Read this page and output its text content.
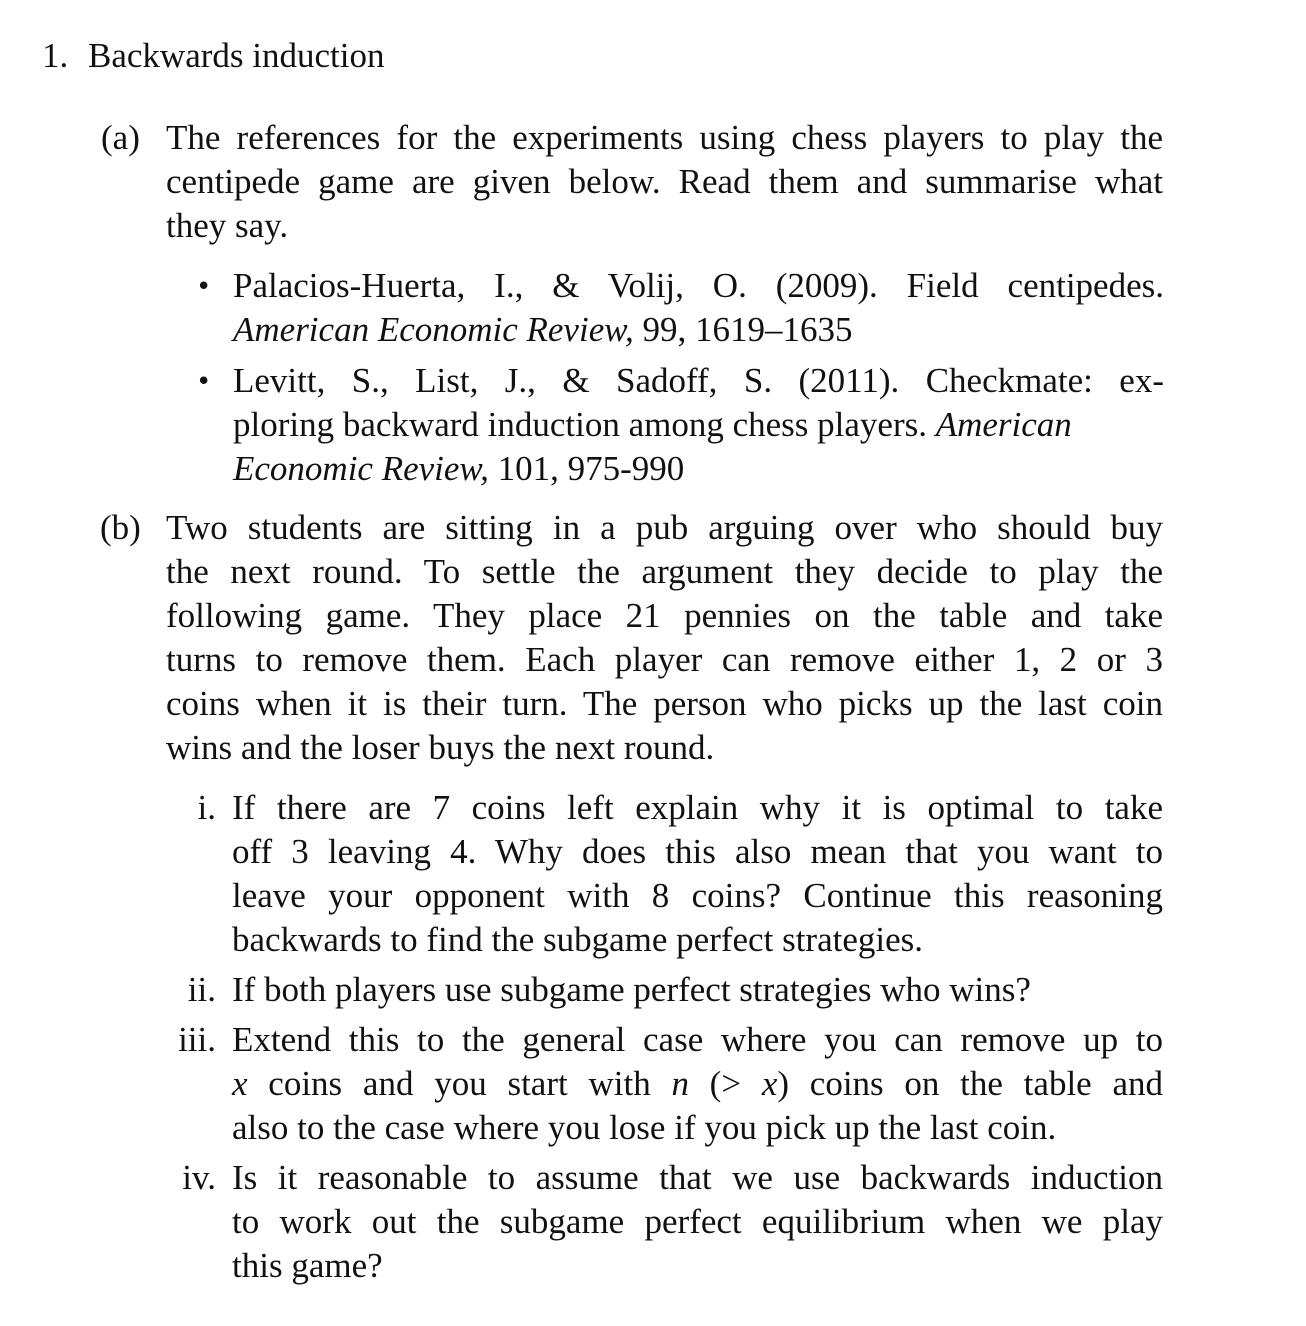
1. Backwards induction
(a) The references for the experiments using chess players to play the
centipede game are given below. Read them and summarise what
they say.
• Palacios-Huerta, I., & Volij, O. (2009). Field centipedes.
American Economic Review, 99, 1619–1635
• Levitt, S., List, J., & Sadoff, S. (2011). Checkmate: ex-
ploring backward induction among chess players. American
Economic Review, 101, 975-990
(b) Two students are sitting in a pub arguing over who should buy
the next round. To settle the argument they decide to play the
following game. They place 21 pennies on the table and take
turns to remove them. Each player can remove either 1, 2 or 3
coins when it is their turn. The person who picks up the last coin
wins and the loser buys the next round.
i. If there are 7 coins left explain why it is optimal to take
off 3 leaving 4. Why does this also mean that you want to
leave your opponent with 8 coins? Continue this reasoning
backwards to find the subgame perfect strategies.
ii. If both players use subgame perfect strategies who wins?
iii. Extend this to the general case where you can remove up to
x coins and you start with n (> x) coins on the table and
also to the case where you lose if you pick up the last coin.
iv. Is it reasonable to assume that we use backwards induction
to work out the subgame perfect equilibrium when we play
this game?
